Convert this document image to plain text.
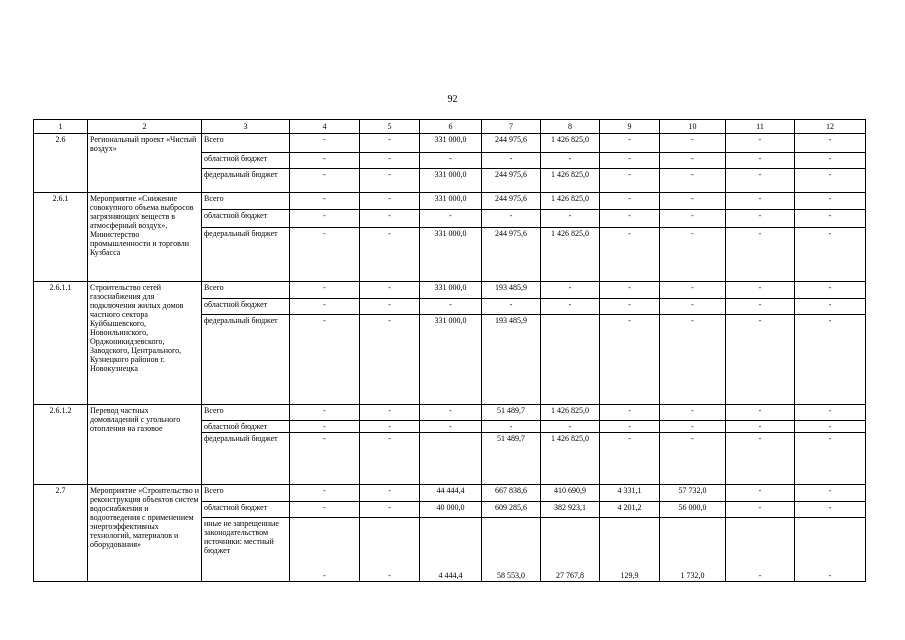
92
1	2	3	4	5	6	7	8	9	10	11	12
2.6	Региональный проект «Чистый воздух»	Всего	-	-	331 000,0	244 975,6	1 426 825,0	-	-	-	-
		областной бюджет	-	-	-	-	-	-	-	-	-
		федеральный бюджет	-	-	331 000,0	244 975,6	1 426 825,0	-	-	-	-
2.6.1	Мероприятие «Снижение совокупного объема выбросов загрязняющих веществ в атмосферный воздух», Министерство промышленности и торговли Кузбасса	Всего	-	-	331 000,0	244 975,6	1 426 825,0	-	-	-	-
		областной бюджет	-	-	-	-	-	-	-	-	-
		федеральный бюджет	-	-	331 000,0	244 975,6	1 426 825,0	-	-	-	-
2.6.1.1	Строительство сетей газоснабжения для подключения жилых домов частного сектора Куйбышевского, Новоильинского, Орджоникидзевского, Заводского, Центрального, Кузнецкого районов г. Новокузнецка	Всего	-	-	331 000,0	193 485,9	-	-	-	-	-
		областной бюджет	-	-	-	-	-	-	-	-	-
		федеральный бюджет	-	-	331 000,0	193 485,9		-	-	-	-
2.6.1.2	Перевод частных домовладений с угольного отопления на газовое	Всего	-	-	-	51 489,7	1 426 825,0	-	-	-	-
		областной бюджет	-	-	-	-	-	-	-	-	-
		федеральный бюджет	-	-		51 489,7	1 426 825,0	-	-	-	-
2.7	Мероприятие «Строительство и реконструкция объектов систем водоснабжения и водоотведения с применением энергоэффективных технологий, материалов и оборудования»	Всего	-	-	44 444,4	667 838,6	410 690,9	4 331,1	57 732,0	-	-
		областной бюджет	-	-	40 000,0	609 285,6	382 923,1	4 201,2	56 000,0	-	-
		иные не запрещенные законодательством источники: местный бюджет	-	-	4 444,4	58 553,0	27 767,8	129,9	1 732,0	-	-
